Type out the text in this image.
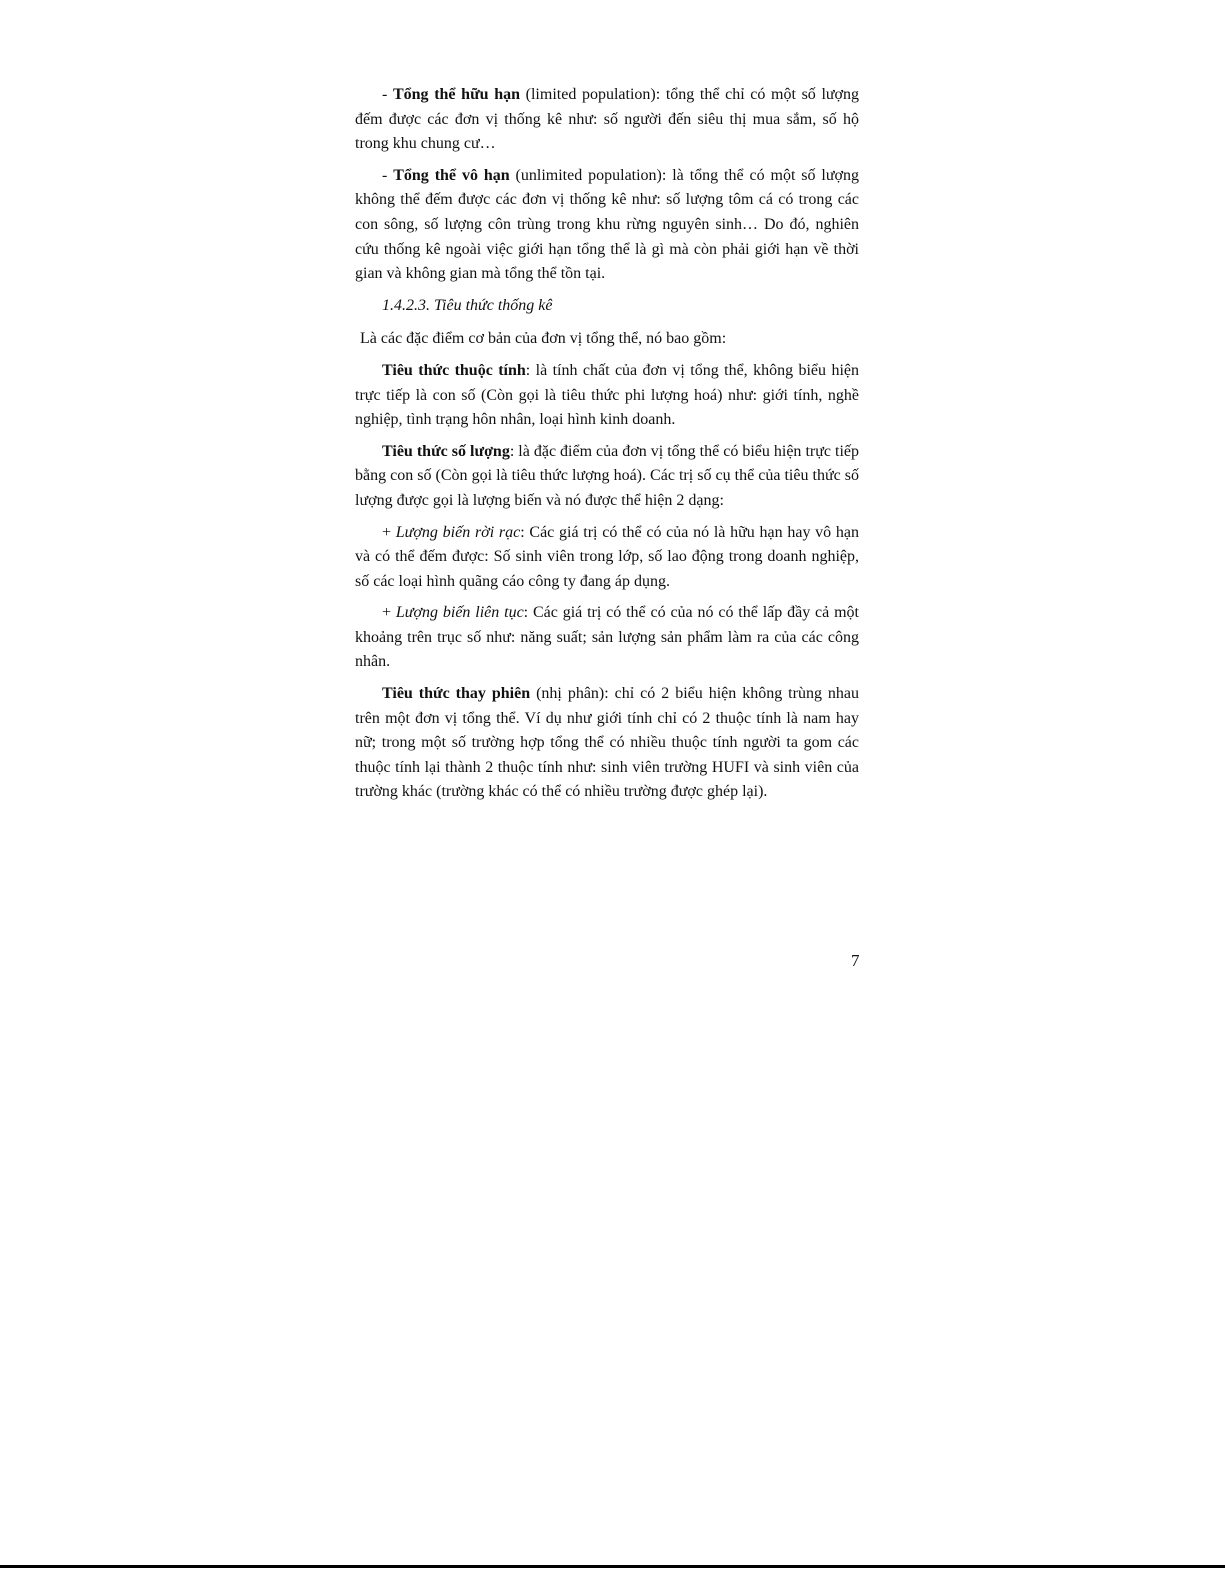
- Tổng thể hữu hạn (limited population): tổng thể chỉ có một số lượng đếm được các đơn vị thống kê như: số người đến siêu thị mua sắm, số hộ trong khu chung cư…

- Tổng thể vô hạn (unlimited population): là tổng thể có một số lượng không thể đếm được các đơn vị thống kê như: số lượng tôm cá có trong các con sông, số lượng côn trùng trong khu rừng nguyên sinh… Do đó, nghiên cứu thống kê ngoài việc giới hạn tổng thể là gì mà còn phải giới hạn về thời gian và không gian mà tổng thể tồn tại.

1.4.2.3. Tiêu thức thống kê

Là các đặc điểm cơ bản của đơn vị tổng thể, nó bao gồm:

Tiêu thức thuộc tính: là tính chất của đơn vị tổng thể, không biểu hiện trực tiếp là con số (Còn gọi là tiêu thức phi lượng hoá) như: giới tính, nghề nghiệp, tình trạng hôn nhân, loại hình kinh doanh.

Tiêu thức số lượng: là đặc điểm của đơn vị tổng thể có biểu hiện trực tiếp bằng con số (Còn gọi là tiêu thức lượng hoá). Các trị số cụ thể của tiêu thức số lượng được gọi là lượng biến và nó được thể hiện 2 dạng:

+ Lượng biến rời rạc: Các giá trị có thể có của nó là hữu hạn hay vô hạn và có thể đếm được: Số sinh viên trong lớp, số lao động trong doanh nghiệp, số các loại hình quãng cáo công ty đang áp dụng.

+ Lượng biến liên tục: Các giá trị có thể có của nó có thể lấp đầy cả một khoảng trên trục số như: năng suất; sản lượng sản phẩm làm ra của các công nhân.

Tiêu thức thay phiên (nhị phân): chỉ có 2 biểu hiện không trùng nhau trên một đơn vị tổng thể. Ví dụ như giới tính chỉ có 2 thuộc tính là nam hay nữ; trong một số trường hợp tổng thể có nhiều thuộc tính người ta gom các thuộc tính lại thành 2 thuộc tính như: sinh viên trường HUFI và sinh viên của trường khác (trường khác có thể có nhiều trường được ghép lại).

7
